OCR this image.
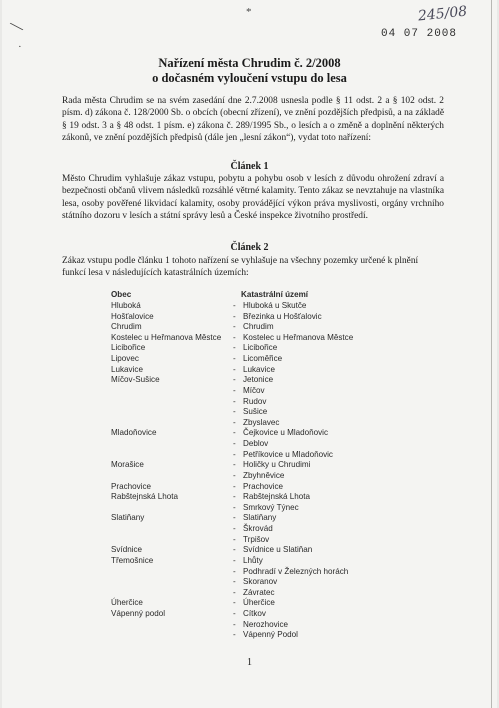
╲
·
*	245/08
04 07 2008
Nařízení města Chrudim č. 2/2008
o dočasném vyloučení vstupu do lesa

Rada města Chrudim se na svém zasedání dne 2.7.2008 usnesla podle § 11 odst. 2 a § 102 odst. 2 písm. d) zákona č. 128/2000 Sb. o obcích (obecní zřízení), ve znění pozdějších předpisů, a na základě § 19 odst. 3 a § 48 odst. 1 písm. e) zákona č. 289/1995 Sb., o lesích a o změně a doplnění některých zákonů, ve znění pozdějších předpisů (dále jen „lesní zákon“), vydat toto nařízení:

Článek 1

Město Chrudim vyhlašuje zákaz vstupu, pobytu a pohybu osob v lesích z důvodu ohrožení zdraví a bezpečnosti občanů vlivem následků rozsáhlé větrné kalamity. Tento zákaz se nevztahuje na vlastníka lesa, osoby pověřené likvidací kalamity, osoby provádějící výkon práva myslivosti, orgány vrchního státního dozoru v lesích a státní správy lesů a České inspekce životního prostředí.

Článek 2

Zákaz vstupu podle článku 1 tohoto nařízení se vyhlašuje na všechny pozemky určené k plnění funkcí lesa v následujících katastrálních územích:

Obec	Katastrální území
Hluboká	- Hluboká u Skutče
Hošťalovice	- Březinka u Hošťalovic
Chrudim	- Chrudim
Kostelec u Heřmanova Městce - Kostelec u Heřmanova Městce
Licibořice	- Licibořice
Lipovec	- Licoměřice
Lukavice	- Lukavice
Míčov-Sušice	- Jetonice
- Míčov
- Rudov
- Sušice
- Zbyslavec
Mladoňovice	- Čejkovice u Mladoňovic
- Deblov
- Petříkovice u Mladoňovic
Morašice	- Holičky u Chrudimi
- Zbyhněvice
Prachovice	- Prachovice
Rabštejnská Lhota	- Rabštejnská Lhota
- Smrkový Týnec
Slatiňany	- Slatiňany
- Škrovád
- Trpišov
Svídnice	- Svídnice u Slatiňan
Třemošnice	- Lhůty
- Podhradí v Železných horách
- Skoranov
- Závratec
Úherčice	- Úherčice
Vápenný podol	- Cítkov
- Nerozhovice
- Vápenný Podol
1
